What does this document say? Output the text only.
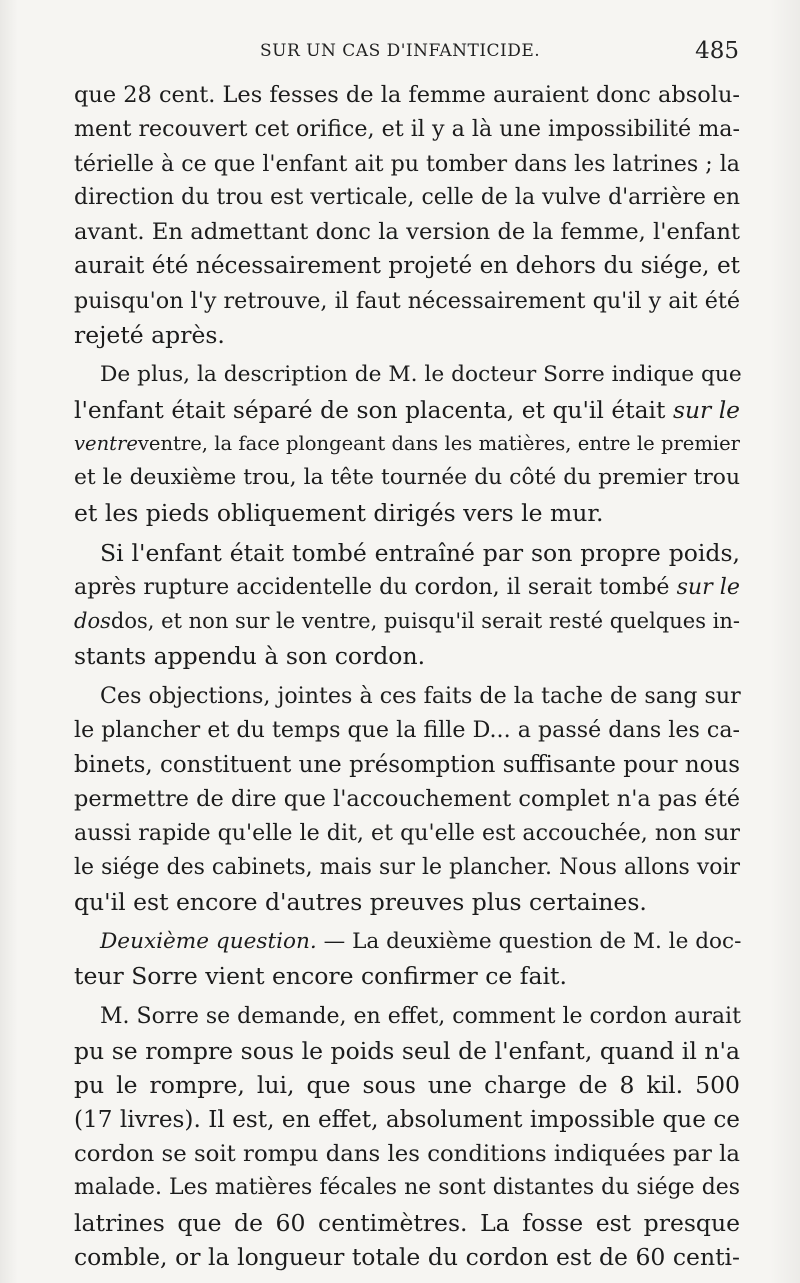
SUR UN CAS D'INFANTICIDE.	485
que 28 cent. Les fesses de la femme auraient donc absolu-
ment recouvert cet orifice, et il y a là une impossibilité ma-
térielle à ce que l'enfant ait pu tomber dans les latrines ; la
direction du trou est verticale, celle de la vulve d'arrière en
avant. En admettant donc la version de la femme, l'enfant
aurait été nécessairement projeté en dehors du siége, et
puisqu'on l'y retrouve, il faut nécessairement qu'il y ait été
rejeté après.
De plus, la description de M. le docteur Sorre indique que
l'enfant était séparé de son placenta, et qu'il était sur le
ventreventre, la face plongeant dans les matières, entre le premier
et le deuxième trou, la tête tournée du côté du premier trou
et les pieds obliquement dirigés vers le mur.
Si l'enfant était tombé entraîné par son propre poids,
après rupture accidentelle du cordon, il serait tombé sur le
dosdos, et non sur le ventre, puisqu'il serait resté quelques in-
stants appendu à son cordon.
Ces objections, jointes à ces faits de la tache de sang sur
le plancher et du temps que la fille D... a passé dans les ca-
binets, constituent une présomption suffisante pour nous
permettre de dire que l'accouchement complet n'a pas été
aussi rapide qu'elle le dit, et qu'elle est accouchée, non sur
le siége des cabinets, mais sur le plancher. Nous allons voir
qu'il est encore d'autres preuves plus certaines.
Deuxième question. — La deuxième question de M. le doc-
teur Sorre vient encore confirmer ce fait.
M. Sorre se demande, en effet, comment le cordon aurait
pu se rompre sous le poids seul de l'enfant, quand il n'a
pu le rompre, lui, que sous une charge de 8 kil. 500
(17 livres). Il est, en effet, absolument impossible que ce
cordon se soit rompu dans les conditions indiquées par la
malade. Les matières fécales ne sont distantes du siége des
latrines que de 60 centimètres. La fosse est presque
comble, or la longueur totale du cordon est de 60 centi-
